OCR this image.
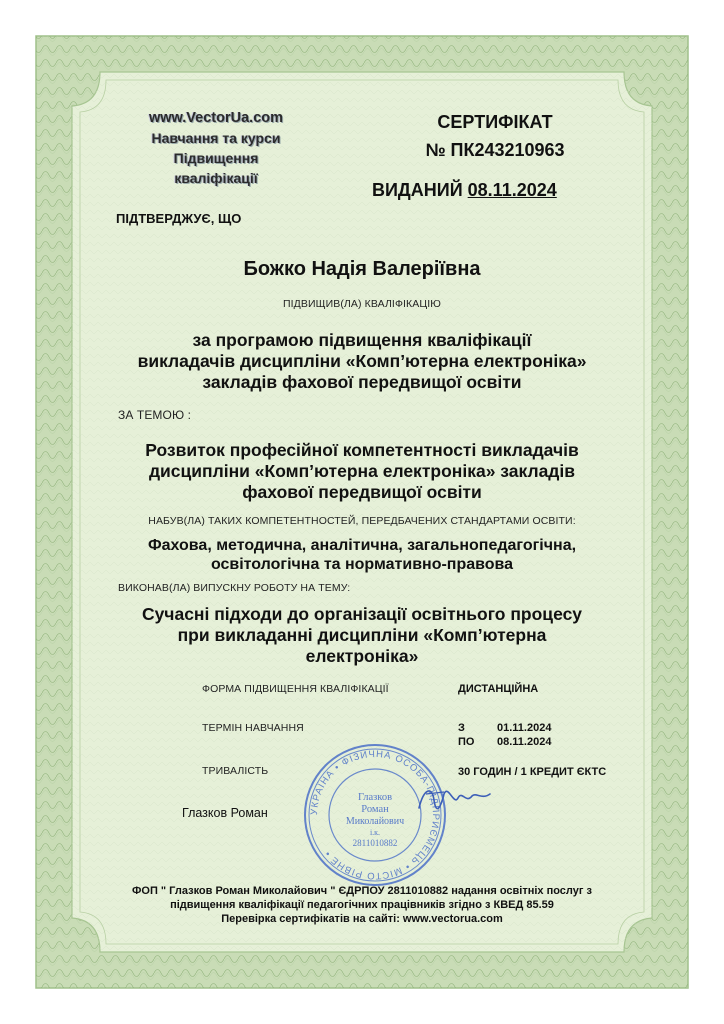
www.VectorUa.com
Навчання та курси
Підвищення
кваліфікації
СЕРТИФІКАТ
№ ПК243210963
ВИДАНИЙ 08.11.2024
ПІДТВЕРДЖУЄ, ЩО
Божко Надія Валеріївна
ПІДВИЩИВ(ЛА) КВАЛІФІКАЦІЮ
за програмою підвищення кваліфікації
викладачів дисципліни «Комп’ютерна електроніка»
закладів фахової передвищої освіти
ЗА ТЕМОЮ :
Розвиток професійної компетентності викладачів
дисципліни «Комп’ютерна електроніка» закладів
фахової передвищої освіти
НАБУВ(ЛА) ТАКИХ КОМПЕТЕНТНОСТЕЙ, ПЕРЕДБАЧЕНИХ СТАНДАРТАМИ ОСВІТИ:
Фахова, методична, аналітична, загальнопедагогічна,
освітологічна та нормативно-правова
ВИКОНАВ(ЛА) ВИПУСКНУ РОБОТУ НА ТЕМУ:
Сучасні підходи до організації освітнього процесу
при викладанні дисципліни «Комп’ютерна
електроніка»
ФОРМА ПІДВИЩЕННЯ КВАЛІФІКАЦІЇ	ДИСТАНЦІЙНА
ТЕРМІН НАВЧАННЯ	З	01.11.2024
ПО 08.11.2024
ТРИВАЛІСТЬ	30 ГОДИН / 1 КРЕДИТ ЄКТС
Глазков Роман	УКРАЇНА • ФІЗИЧНА ОСОБА-ПІДПРИЄМЕЦЬ • МІСТО РІВНЕ •
Глазков
Роман
Миколайович
і.к.
2811010882
ФОП " Глазков Роман Миколайович " ЄДРПОУ 2811010882 надання освітніх послуг з
підвищення кваліфікації педагогічних працівників згідно з КВЕД 85.59
Перевірка сертифікатів на сайті: www.vectorua.com
